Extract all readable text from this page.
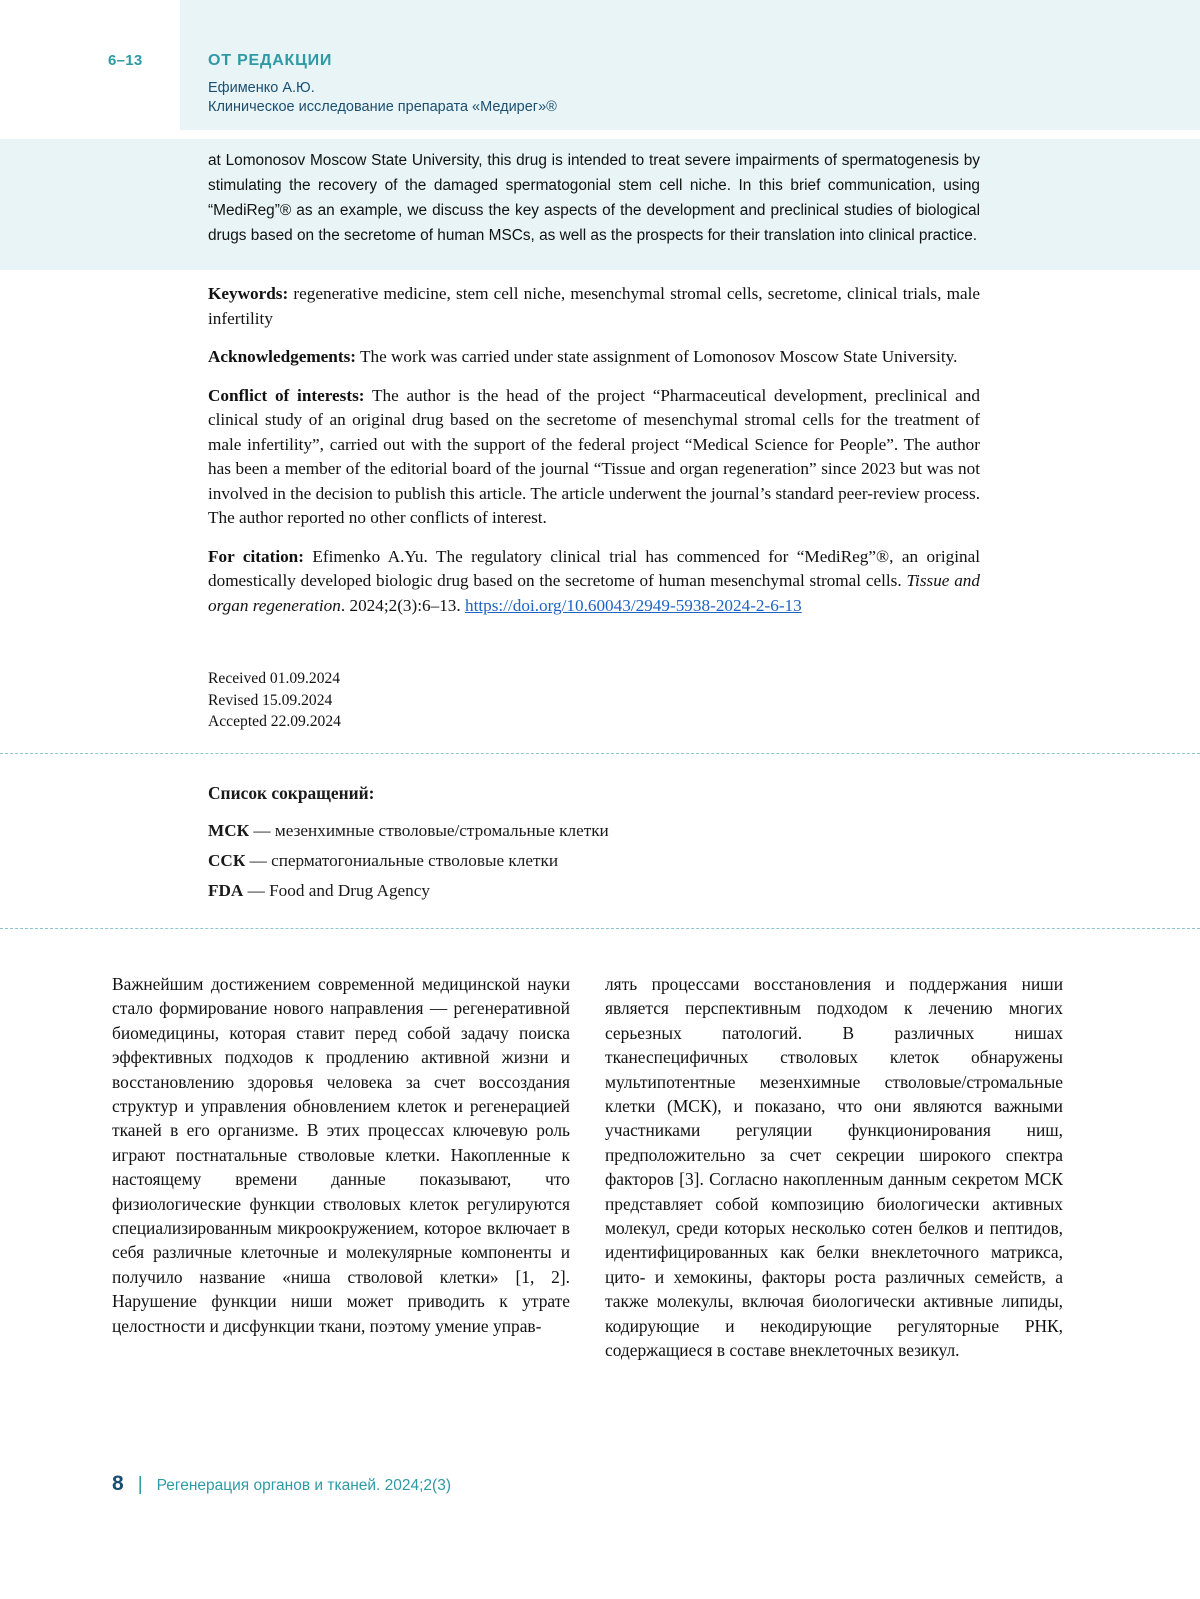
6–13	ОТ РЕДАКЦИИ
Ефименко А.Ю.
Клиническое исследование препарата «Медирег»®
at Lomonosov Moscow State University, this drug is intended to treat severe impairments of spermatogenesis by stimulating the recovery of the damaged spermatogonial stem cell niche. In this brief communication, using “MediReg”® as an example, we discuss the key aspects of the development and preclinical studies of biological drugs based on the secretome of human MSCs, as well as the prospects for their translation into clinical practice.

Keywords: regenerative medicine, stem cell niche, mesenchymal stromal cells, secretome, clinical trials, male infertility

Acknowledgements: The work was carried under state assignment of Lomonosov Moscow State University.

Conflict of interests: The author is the head of the project “Pharmaceutical development, preclinical and clinical study of an original drug based on the secretome of mesenchymal stromal cells for the treatment of male infertility”, carried out with the support of the federal project “Medical Science for People”. The author has been a member of the editorial board of the journal “Tissue and organ regeneration” since 2023 but was not involved in the decision to publish this article. The article underwent the journal’s standard peer-review process. The author reported no other conflicts of interest.

For citation: Efimenko A.Yu. The regulatory clinical trial has commenced for “MediReg”®, an original domestically developed biologic drug based on the secretome of human mesenchymal stromal cells. Tissue and organ regeneration. 2024;2(3):6–13. https://doi.org/10.60043/2949-5938-2024-2-6-13

Received 01.09.2024
Revised 15.09.2024
Accepted 22.09.2024
Список сокращений:
МСК — мезенхимные стволовые/стромальные клетки
ССК — сперматогониальные стволовые клетки
FDA — Food and Drug Agency

Важнейшим достижением современной медицинской науки стало формирование нового направления — регенеративной биомедицины, которая ставит перед собой задачу поиска эффективных подходов к продлению активной жизни и восстановлению здоровья человека за счет воссоздания структур и управления обновлением клеток и регенерацией тканей в его организме. В этих процессах ключевую роль играют постнатальные стволовые клетки. Накопленные к настоящему времени данные показывают, что физиологические функции стволовых клеток регулируются специализированным микроокружением, которое включает в себя различные клеточные и молекулярные компоненты и получило название «ниша стволовой клетки» [1, 2]. Нарушение функции ниши может приводить к утрате целостности и дисфункции ткани, поэтому умение управ-

лять процессами восстановления и поддержания ниши является перспективным подходом к лечению многих серьезных патологий. В различных нишах тканеспецифичных стволовых клеток обнаружены мультипотентные мезенхимные стволовые/стромальные клетки (МСК), и показано, что они являются важными участниками регуляции функционирования ниш, предположительно за счет секреции широкого спектра факторов [3]. Согласно накопленным данным секретом МСК представляет собой композицию биологически активных молекул, среди которых несколько сотен белков и пептидов, идентифицированных как белки внеклеточного матрикса, цито- и хемокины, факторы роста различных семейств, а также молекулы, включая биологически активные липиды, кодирующие и некодирующие регуляторные РНК, содержащиеся в составе внеклеточных везикул.

8 | Регенерация органов и тканей. 2024;2(3)
